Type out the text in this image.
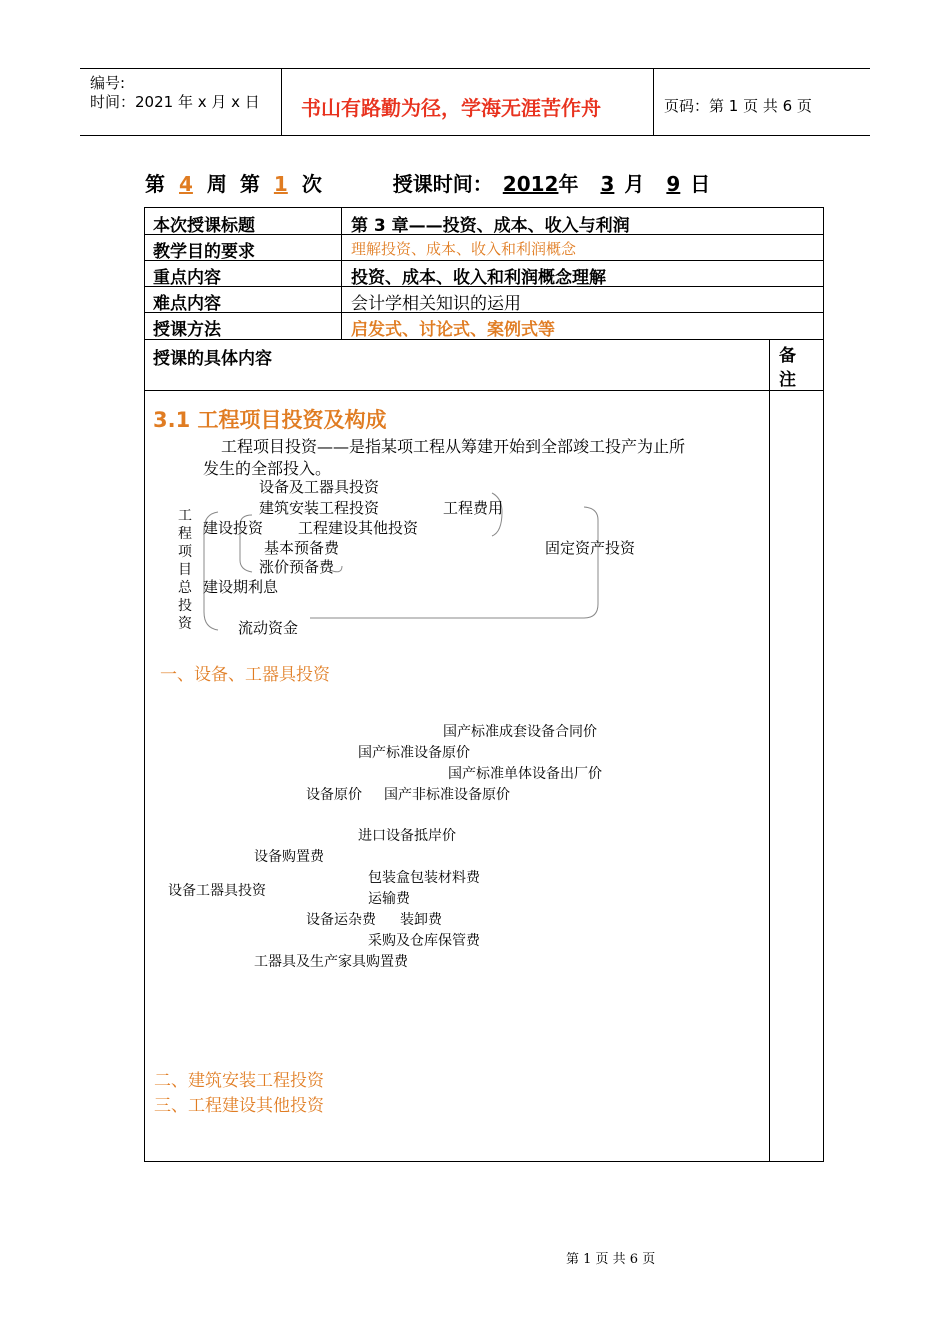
编号:
时间：2021 年 x 月 x 日 书山有路勤为径，学海无涯苦作舟	页码：第 1 页 共 6 页
第 4 周 第 1 次	授课时间： 2012年 3 月 9 日
本次授课标题	第 3 章——投资、成本、收入与利润
教学目的要求	理解投资、成本、收入和利润概念
重点内容	投资、成本、收入和利润概念理解
难点内容	会计学相关知识的运用
授课方法	启发式、讨论式、案例式等
授课的具体内容	备
注
3.1 工程项目投资及构成
工程项目投资——是指某项工程从筹建开始到全部竣工投产为止所
发生的全部投入。
工
程
项
目
总
投
资
设备及工器具投资
建筑安装工程投资	工程费用
建设投资 工程建设其他投资
基本预备费	固定资产投资
涨价预备费
建设期利息
流动资金
一、设备、工器具投资
国产标准成套设备合同价
国产标准设备原价
国产标准单体设备出厂价
设备原价 国产非标准设备原价
进口设备抵岸价
设备购置费
设备工器具投资
包装盒包装材料费
运输费
设备运杂费 装卸费
采购及仓库保管费
工器具及生产家具购置费
二、建筑安装工程投资
三、工程建设其他投资
第 1 页 共 6 页
